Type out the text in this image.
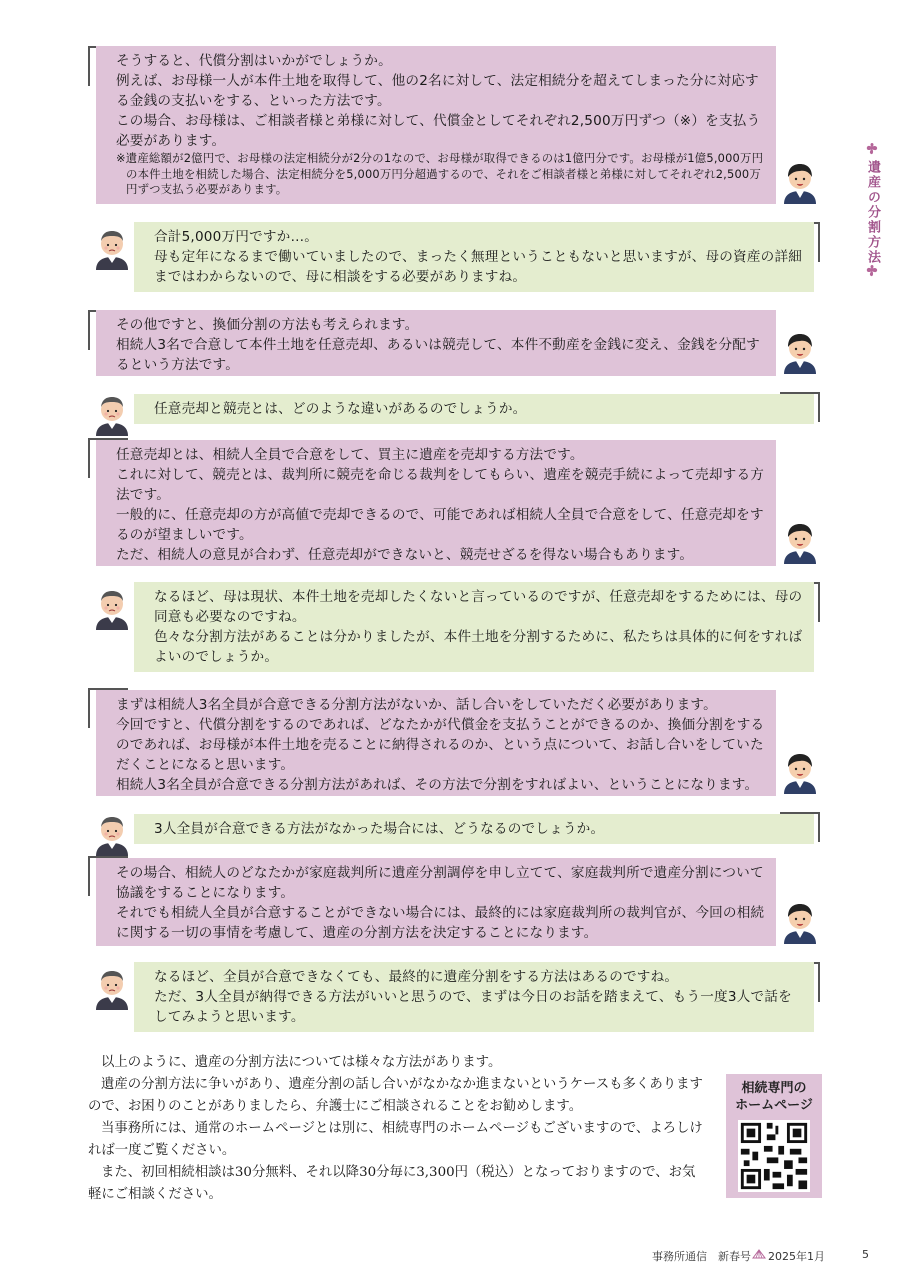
遺産の分割方法

そうすると、代償分割はいかがでしょうか。

例えば、お母様一人が本件土地を取得して、他の2名に対して、法定相続分を超えてしまった分に対応する金銭の支払いをする、といった方法です。

この場合、お母様は、ご相談者様と弟様に対して、代償金としてそれぞれ2,500万円ずつ（※）を支払う必要があります。

※遺産総額が2億円で、お母様の法定相続分が2分の1なので、お母様が取得できるのは1億円分です。お母様が1億5,000万円の本件土地を相続した場合、法定相続分を5,000万円分超過するので、それをご相談者様と弟様に対してそれぞれ2,500万円ずつ支払う必要があります。

合計5,000万円ですか…。

母も定年になるまで働いていましたので、まったく無理ということもないと思いますが、母の資産の詳細まではわからないので、母に相談をする必要がありますね。

その他ですと、換価分割の方法も考えられます。

相続人3名で合意して本件土地を任意売却、あるいは競売して、本件不動産を金銭に変え、金銭を分配するという方法です。

任意売却と競売とは、どのような違いがあるのでしょうか。

任意売却とは、相続人全員で合意をして、買主に遺産を売却する方法です。

これに対して、競売とは、裁判所に競売を命じる裁判をしてもらい、遺産を競売手続によって売却する方法です。

一般的に、任意売却の方が高値で売却できるので、可能であれば相続人全員で合意をして、任意売却をするのが望ましいです。

ただ、相続人の意見が合わず、任意売却ができないと、競売せざるを得ない場合もあります。

なるほど、母は現状、本件土地を売却したくないと言っているのですが、任意売却をするためには、母の同意も必要なのですね。

色々な分割方法があることは分かりましたが、本件土地を分割するために、私たちは具体的に何をすればよいのでしょうか。

まずは相続人3名全員が合意できる分割方法がないか、話し合いをしていただく必要があります。

今回ですと、代償分割をするのであれば、どなたかが代償金を支払うことができるのか、換価分割をするのであれば、お母様が本件土地を売ることに納得されるのか、という点について、お話し合いをしていただくことになると思います。

相続人3名全員が合意できる分割方法があれば、その方法で分割をすればよい、ということになります。

3人全員が合意できる方法がなかった場合には、どうなるのでしょうか。

その場合、相続人のどなたかが家庭裁判所に遺産分割調停を申し立てて、家庭裁判所で遺産分割について協議をすることになります。

それでも相続人全員が合意することができない場合には、最終的には家庭裁判所の裁判官が、今回の相続に関する一切の事情を考慮して、遺産の分割方法を決定することになります。

なるほど、全員が合意できなくても、最終的に遺産分割をする方法はあるのですね。

ただ、3人全員が納得できる方法がいいと思うので、まずは今日のお話を踏まえて、もう一度3人で話をしてみようと思います。

以上のように、遺産の分割方法については様々な方法があります。

遺産の分割方法に争いがあり、遺産分割の話し合いがなかなか進まないというケースも多くありますので、お困りのことがありましたら、弁護士にご相談されることをお勧めします。

当事務所には、通常のホームページとは別に、相続専門のホームページもございますので、よろしければ一度ご覧ください。

また、初回相続相談は30分無料、それ以降30分毎に3,300円（税込）となっておりますので、お気軽にご相談ください。

相続専門の
ホームページ
事務所通信 新春号 2025年1月	5
